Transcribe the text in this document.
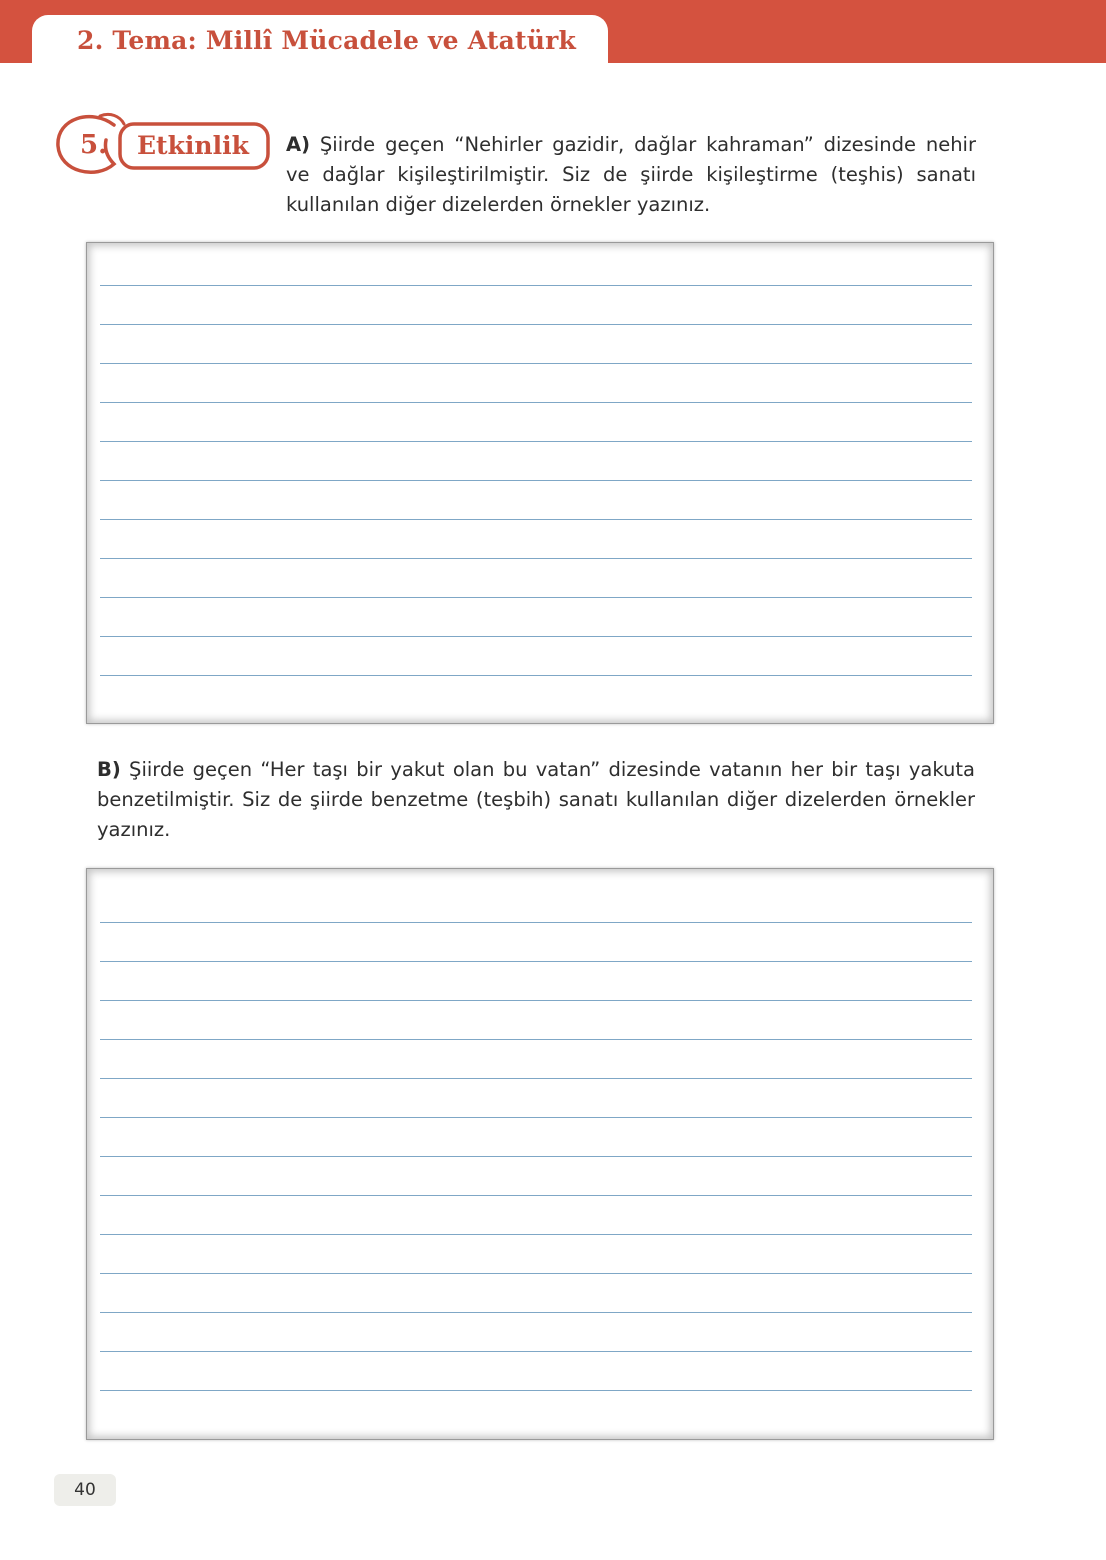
2. Tema: Millî Mücadele ve Atatürk
5. Etkinlik A) Şiirde geçen “Nehirler gazidir, dağlar kahraman” dizesinde nehir ve dağlar kişileştirilmiştir. Siz de şiirde kişileştirme (teşhis) sanatı kullanılan diğer dizelerden örnekler yazınız.
B) Şiirde geçen “Her taşı bir yakut olan bu vatan” dizesinde vatanın her bir taşı yakuta benzetilmiştir. Siz de şiirde benzetme (teşbih) sanatı kullanılan diğer dizelerden örnekler yazınız.
40
